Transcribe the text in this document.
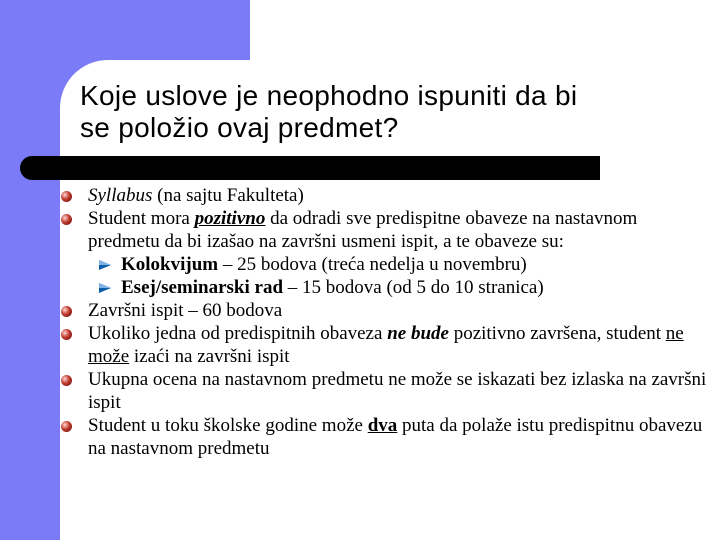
Koje uslove je neophodno ispuniti da bi
se položio ovaj predmet?
Syllabus (na sajtu Fakulteta)
Student mora pozitivno da odradi sve predispitne obaveze na nastavnom predmetu da bi izašao na završni usmeni ispit, a te obaveze su:
Kolokvijum – 25 bodova (treća nedelja u novembru)
Esej/seminarski rad – 15 bodova (od 5 do 10 stranica)
Završni ispit – 60 bodova
Ukoliko jedna od predispitnih obaveza ne bude pozitivno završena, student ne može izaći na završni ispit
Ukupna ocena na nastavnom predmetu ne može se iskazati bez izlaska na završni ispit
Student u toku školske godine može dva puta da polaže istu predispitnu obavezu na nastavnom predmetu
